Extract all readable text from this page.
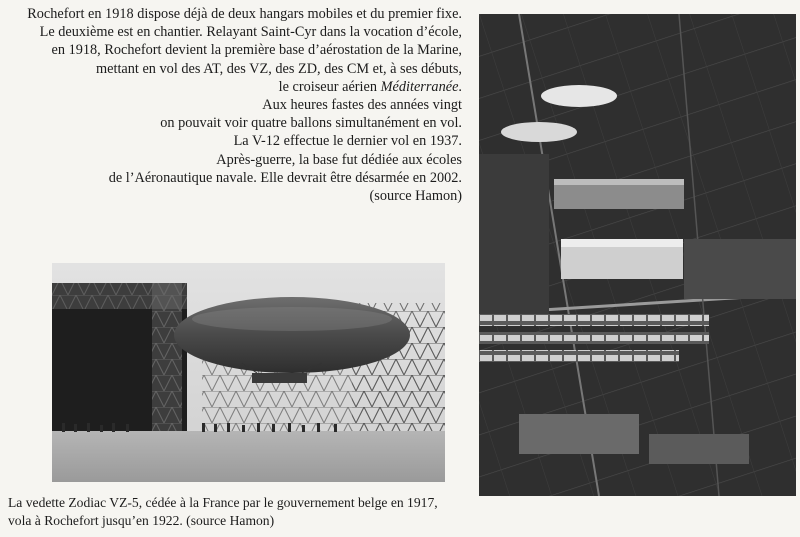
Rochefort en 1918 dispose déjà de deux hangars mobiles et du premier fixe.
Le deuxième est en chantier. Relayant Saint-Cyr dans la vocation d’école,
en 1918, Rochefort devient la première base d’aérostation de la Marine,
mettant en vol des AT, des VZ, des ZD, des CM et, à ses débuts,
le croiseur aérien Méditerranée.
Aux heures fastes des années vingt
on pouvait voir quatre ballons simultanément en vol.
La V-12 effectue le dernier vol en 1937.
Après-guerre, la base fut dédiée aux écoles
de l’Aéronautique navale. Elle devrait être désarmée en 2002.
(source Hamon)
La vedette Zodiac VZ-5, cédée à la France par le gouvernement belge en 1917,
vola à Rochefort jusqu’en 1922. (source Hamon)
